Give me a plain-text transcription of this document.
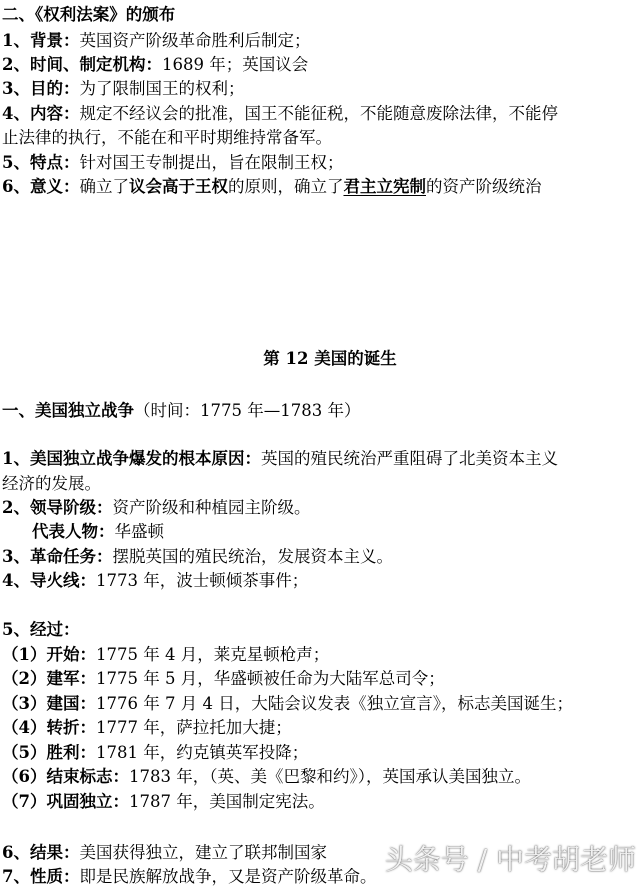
二、《权利法案》的颁布
1、背景：英国资产阶级革命胜利后制定；
2、时间、制定机构：1689 年；英国议会
3、目的：为了限制国王的权利；
4、内容：规定不经议会的批准，国王不能征税，不能随意废除法律，不能停
止法律的执行，不能在和平时期维持常备军。
5、特点：针对国王专制提出，旨在限制王权；
6、意义：确立了议会高于王权的原则，确立了君主立宪制的资产阶级统治
第 12 美国的诞生
一、美国独立战争（时间：1775 年—1783 年）
1、美国独立战争爆发的根本原因：英国的殖民统治严重阻碍了北美资本主义
经济的发展。
2、领导阶级：资产阶级和种植园主阶级。
代表人物：华盛顿
3、革命任务：摆脱英国的殖民统治，发展资本主义。
4、导火线：1773 年，波士顿倾茶事件；
5、经过：
（1）开始：1775 年 4 月，莱克星顿枪声；
（2）建军：1775 年 5 月，华盛顿被任命为大陆军总司令；
（3）建国：1776 年 7 月 4 日，大陆会议发表《独立宣言》，标志美国诞生；
（4）转折：1777 年，萨拉托加大捷；
（5）胜利：1781 年，约克镇英军投降；
（6）结束标志：1783 年，（英、美《巴黎和约》），英国承认美国独立。
（7）巩固独立：1787 年，美国制定宪法。
6、结果：美国获得独立，建立了联邦制国家
7、性质：即是民族解放战争，又是资产阶级革命。
头条号 / 中考胡老师
